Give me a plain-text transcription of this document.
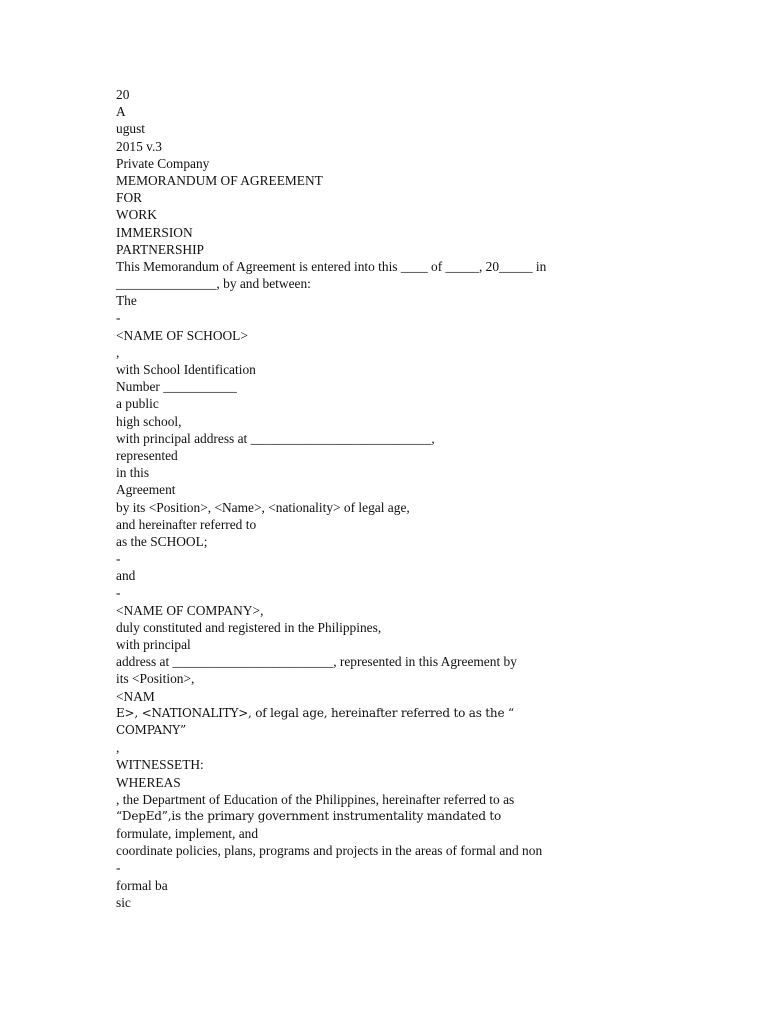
20
A
ugust
2015 v.3
Private Company
MEMORANDUM OF AGREEMENT
FOR
WORK
IMMERSION
PARTNERSHIP
This Memorandum of Agreement is entered into this ____ of _____, 20_____ in
_______________, by and between:
The
-
<NAME OF SCHOOL>
,
with School Identification
Number ___________
a public
high school,
with principal address at ___________________________,
represented
in this
Agreement
by its <Position>, <Name>, <nationality> of legal age,
and hereinafter referred to
as the SCHOOL;
-
and
-
<NAME OF COMPANY>,
duly constituted and registered in the Philippines,
with principal
address at ________________________, represented in this Agreement by
its <Position>,
<NAM
E>, <NATIONALITY>, of legal age, hereinafter referred to as the “
COMPANY”
,
WITNESSETH:
WHEREAS
, the Department of Education of the Philippines, hereinafter referred to as
“DepEd”,is the primary government instrumentality mandated to
formulate, implement, and
coordinate policies, plans, programs and projects in the areas of formal and non
-
formal ba
sic
